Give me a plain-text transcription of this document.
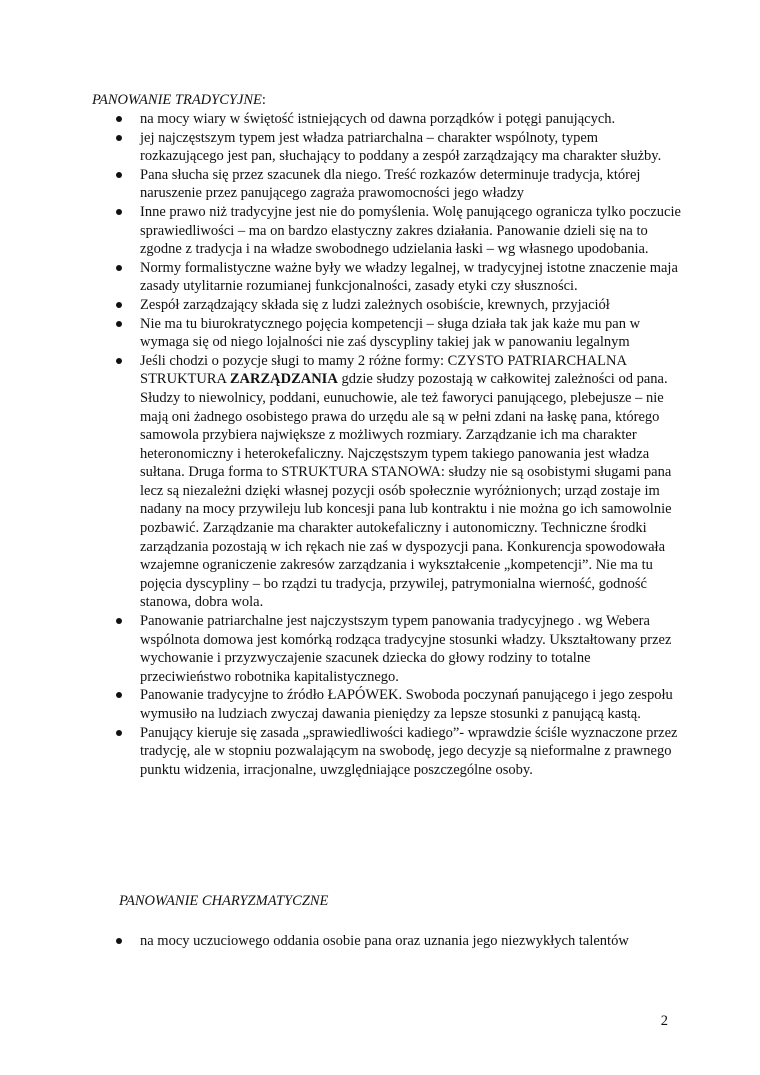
PANOWANIE TRADYCYJNE:
na mocy wiary w świętość istniejących od dawna porządków i potęgi panujących.
jej najczęstszym typem jest władza patriarchalna – charakter wspólnoty, typem rozkazującego jest pan, słuchający to poddany a zespół zarządzający ma charakter służby.
Pana słucha się przez szacunek dla niego. Treść rozkazów determinuje tradycja, której naruszenie przez panującego zagraża prawomocności jego władzy
Inne prawo niż tradycyjne jest nie do pomyślenia. Wolę panującego ogranicza tylko poczucie sprawiedliwości – ma on bardzo elastyczny zakres działania. Panowanie dzieli się na to zgodne z tradycja i na władze swobodnego udzielania łaski – wg własnego upodobania.
Normy formalistyczne ważne były we władzy legalnej, w tradycyjnej istotne znaczenie maja zasady utylitarnie rozumianej funkcjonalności, zasady etyki czy słuszności.
Zespół zarządzający składa się z ludzi zależnych osobiście, krewnych, przyjaciół
Nie ma tu biurokratycznego pojęcia kompetencji – sługa działa tak jak każe mu pan w wymaga się od niego lojalności nie zaś dyscypliny takiej jak w panowaniu legalnym
Jeśli chodzi o pozycje sługi to mamy 2 różne formy: CZYSTO PATRIARCHALNA STRUKTURA ZARZĄDZANIA gdzie słudzy pozostają w całkowitej zależności od pana. Słudzy to niewolnicy, poddani, eunuchowie, ale też faworyci panującego, plebejusze – nie mają oni żadnego osobistego prawa do urzędu ale są w pełni zdani na łaskę pana, którego samowola przybiera największe z możliwych rozmiary. Zarządzanie ich ma charakter heteronomiczny i heterokefaliczny. Najczęstszym typem takiego panowania jest władza sułtana. Druga forma to STRUKTURA STANOWA: słudzy nie są osobistymi sługami pana lecz są niezależni dzięki własnej pozycji osób społecznie wyróżnionych; urząd zostaje im nadany na mocy przywileju lub koncesji pana lub kontraktu i nie można go ich samowolnie pozbawić. Zarządzanie ma charakter autokefaliczny i autonomiczny. Techniczne środki zarządzania pozostają w ich rękach nie zaś w dyspozycji pana. Konkurencja spowodowała wzajemne ograniczenie zakresów zarządzania i wykształcenie „kompetencji”. Nie ma tu pojęcia dyscypliny – bo rządzi tu tradycja, przywilej, patrymonialna wierność, godność stanowa, dobra wola.
Panowanie patriarchalne jest najczystszym typem panowania tradycyjnego . wg Webera wspólnota domowa jest komórką rodząca tradycyjne stosunki władzy. Ukształtowany przez wychowanie i przyzwyczajenie szacunek dziecka do głowy rodziny to totalne przeciwieństwo robotnika kapitalistycznego.
Panowanie tradycyjne to źródło ŁAPÓWEK. Swoboda poczynań panującego i jego zespołu wymusiło na ludziach zwyczaj dawania pieniędzy za lepsze stosunki z panującą kastą.
Panujący kieruje się zasada „sprawiedliwości kadiego”- wprawdzie ściśle wyznaczone przez tradycję, ale w stopniu pozwalającym na swobodę, jego decyzje są nieformalne z prawnego punktu widzenia, irracjonalne, uwzględniające poszczególne osoby.
PANOWANIE CHARYZMATYCZNE
na mocy uczuciowego oddania osobie pana oraz uznania jego niezwykłych talentów
2
